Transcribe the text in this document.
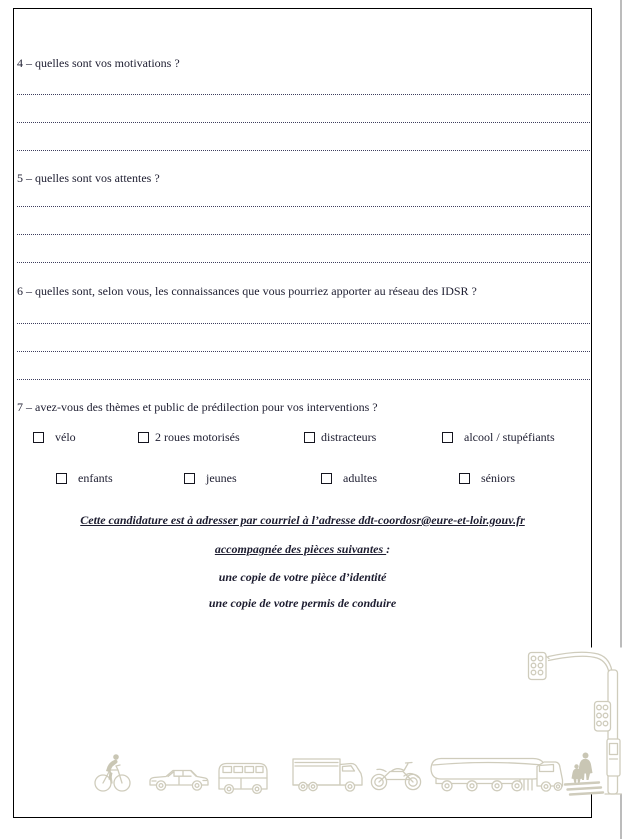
4 – quelles sont vos motivations ?
5 – quelles sont vos attentes ?
6 – quelles sont, selon vous, les connaissances que vous pourriez apporter au réseau des IDSR ?
7 – avez-vous des thèmes et public de prédilection pour vos interventions ?
vélo	2 roues motorisés	distracteurs	alcool / stupéfiants
enfants	jeunes	adultes	séniors
Cette candidature est à adresser par courriel à l’adresse ddt-coordosr@eure-et-loir.gouv.fr
accompagnée des pièces suivantes :
une copie de votre pièce d’identité
une copie de votre permis de conduire
